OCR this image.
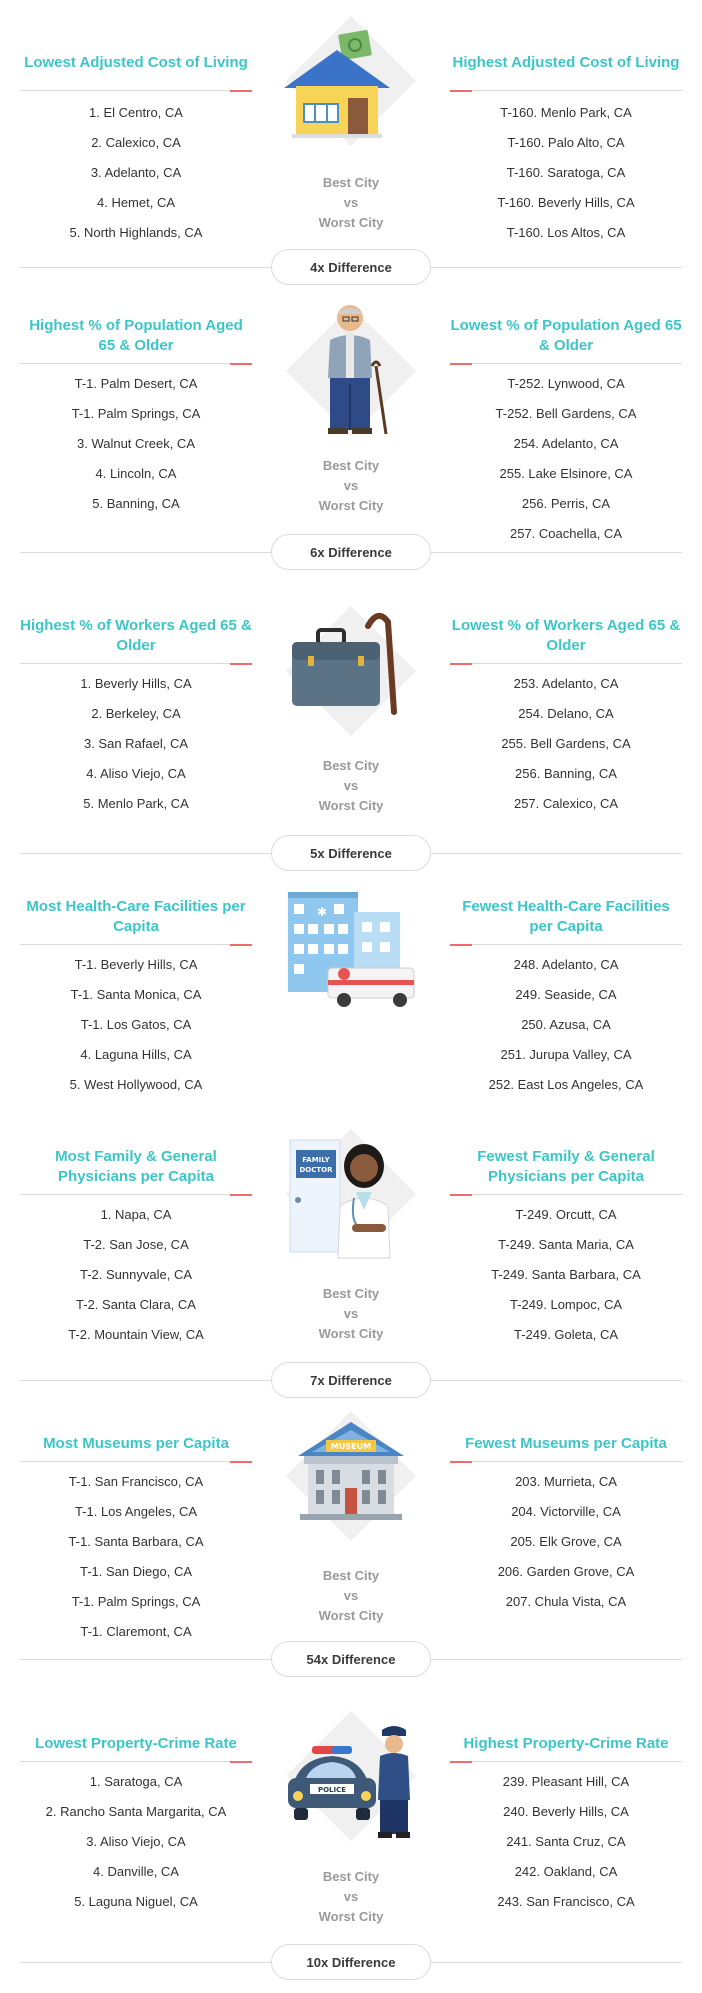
Lowest Adjusted Cost of Living
1. El Centro, CA
2. Calexico, CA
3. Adelanto, CA
4. Hemet, CA
5. North Highlands, CA
Highest Adjusted Cost of Living
T-160. Menlo Park, CA
T-160. Palo Alto, CA
T-160. Saratoga, CA
T-160. Beverly Hills, CA
T-160. Los Altos, CA
Best City
vs
Worst City
4x Difference
Highest % of Population Aged 65 & Older
T-1. Palm Desert, CA
T-1. Palm Springs, CA
3. Walnut Creek, CA
4. Lincoln, CA
5. Banning, CA
Lowest % of Population Aged 65 & Older
T-252. Lynwood, CA
T-252. Bell Gardens, CA
254. Adelanto, CA
255. Lake Elsinore, CA
256. Perris, CA
257. Coachella, CA
Best City
vs
Worst City
6x Difference
Highest % of Workers Aged 65 & Older
1. Beverly Hills, CA
2. Berkeley, CA
3. San Rafael, CA
4. Aliso Viejo, CA
5. Menlo Park, CA
Lowest % of Workers Aged 65 & Older
253. Adelanto, CA
254. Delano, CA
255. Bell Gardens, CA
256. Banning, CA
257. Calexico, CA
Best City
vs
Worst City
5x Difference
Most Health-Care Facilities per Capita
T-1. Beverly Hills, CA
T-1. Santa Monica, CA
T-1. Los Gatos, CA
4. Laguna Hills, CA
5. West Hollywood, CA
Fewest Health-Care Facilities per Capita
248. Adelanto, CA
249. Seaside, CA
250. Azusa, CA
251. Jurupa Valley, CA
252. East Los Angeles, CA
✱
Most Family & General Physicians per Capita
1. Napa, CA
T-2. San Jose, CA
T-2. Sunnyvale, CA
T-2. Santa Clara, CA
T-2. Mountain View, CA
Fewest Family & General Physicians per Capita
T-249. Orcutt, CA
T-249. Santa Maria, CA
T-249. Santa Barbara, CA
T-249. Lompoc, CA
T-249. Goleta, CA
FAMILY
DOCTOR
Best City
vs
Worst City
7x Difference
Most Museums per Capita
T-1. San Francisco, CA
T-1. Los Angeles, CA
T-1. Santa Barbara, CA
T-1. San Diego, CA
T-1. Palm Springs, CA
T-1. Claremont, CA
Fewest Museums per Capita
203. Murrieta, CA
204. Victorville, CA
205. Elk Grove, CA
206. Garden Grove, CA
207. Chula Vista, CA
MUSEUM
Best City
vs
Worst City
54x Difference
Lowest Property-Crime Rate
1. Saratoga, CA
2. Rancho Santa Margarita, CA
3. Aliso Viejo, CA
4. Danville, CA
5. Laguna Niguel, CA
Highest Property-Crime Rate
239. Pleasant Hill, CA
240. Beverly Hills, CA
241. Santa Cruz, CA
242. Oakland, CA
243. San Francisco, CA
POLICE
Best City
vs
Worst City
10x Difference
